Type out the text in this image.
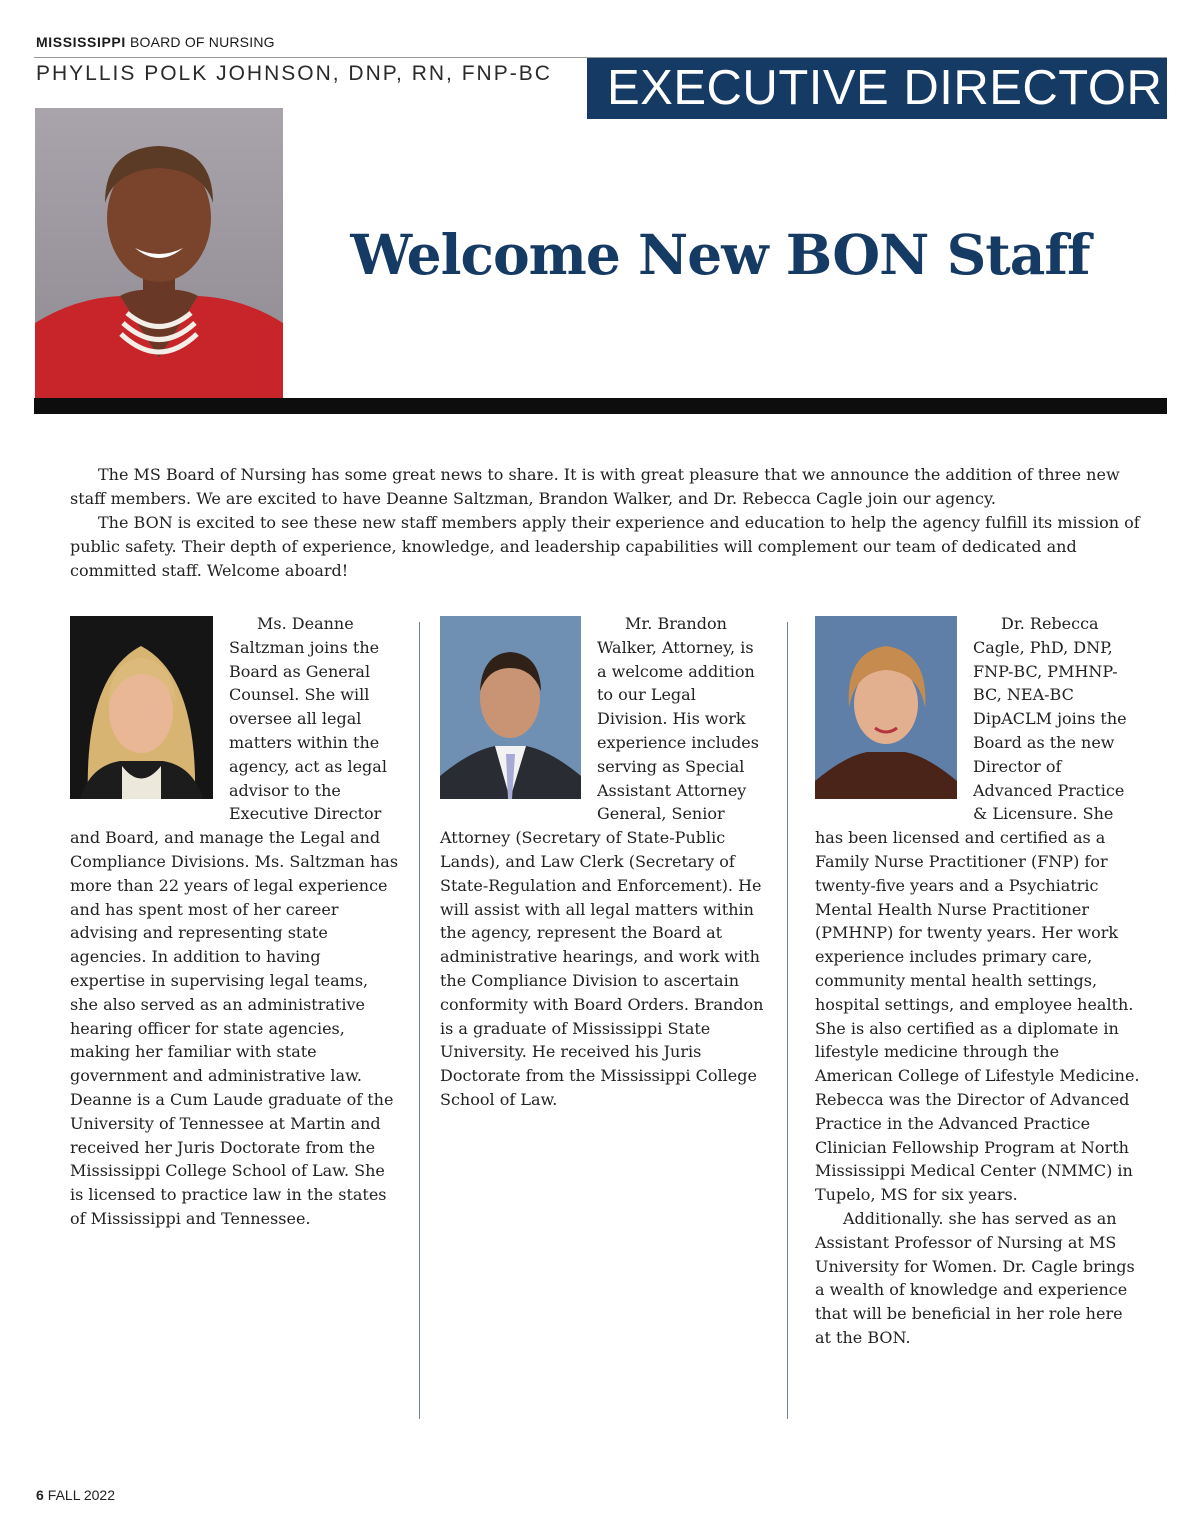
MISSISSIPPI BOARD OF NURSING
PHYLLIS POLK JOHNSON, DNP, RN, FNP-BC EXECUTIVE DIRECTOR
Welcome New BON Staff

The MS Board of Nursing has some great news to share. It is with great pleasure that we announce the addition of three new staff members. We are excited to have Deanne Saltzman, Brandon Walker, and Dr. Rebecca Cagle join our agency.

The BON is excited to see these new staff members apply their experience and education to help the agency fulfill its mission of public safety. Their depth of experience, knowledge, and leadership capabilities will complement our team of dedicated and committed staff. Welcome aboard!

Ms. Deanne Saltzman joins the Board as General Counsel. She will oversee all legal matters within the agency, act as legal advisor to the Executive Director and Board, and manage the Legal and Compliance Divisions. Ms. Saltzman has more than 22 years of legal experience and has spent most of her career advising and representing state agencies. In addition to having expertise in supervising legal teams, she also served as an administrative hearing officer for state agencies, making her familiar with state government and administrative law. Deanne is a Cum Laude graduate of the University of Tennessee at Martin and received her Juris Doctorate from the Mississippi College School of Law. She is licensed to practice law in the states of Mississippi and Tennessee.

Mr. Brandon Walker, Attorney, is a welcome addition to our Legal Division. His work experience includes serving as Special Assistant Attorney General, Senior Attorney (Secretary of State-Public Lands), and Law Clerk (Secretary of State-Regulation and Enforcement). He will assist with all legal matters within the agency, represent the Board at administrative hearings, and work with the Compliance Division to ascertain conformity with Board Orders. Brandon is a graduate of Mississippi State University. He received his Juris Doctorate from the Mississippi College School of Law.

Dr. Rebecca Cagle, PhD, DNP, FNP-BC, PMHNP-BC, NEA-BC DipACLM joins the Board as the new Director of Advanced Practice & Licensure. She has been licensed and certified as a Family Nurse Practitioner (FNP) for twenty-five years and a Psychiatric Mental Health Nurse Practitioner (PMHNP) for twenty years. Her work experience includes primary care, community mental health settings, hospital settings, and employee health. She is also certified as a diplomate in lifestyle medicine through the American College of Lifestyle Medicine. Rebecca was the Director of Advanced Practice in the Advanced Practice Clinician Fellowship Program at North Mississippi Medical Center (NMMC) in Tupelo, MS for six years.

Additionally. she has served as an Assistant Professor of Nursing at MS University for Women. Dr. Cagle brings a wealth of knowledge and experience that will be beneficial in her role here at the BON.

6 FALL 2022
